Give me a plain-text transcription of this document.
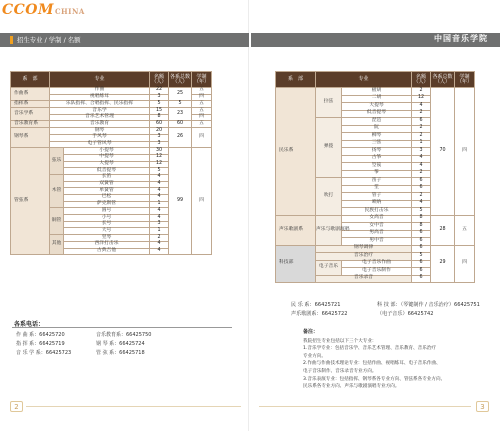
CCOMCHINA
招生专业 / 学制 / 名额
系　部	专业		名额（人）	各系总数（人）	学制（年）
作曲系	作曲		22	25	五
	视唱练耳		3		四
指挥系	乐队指挥、合唱指挥、民乐指挥		5	5	五
音乐学系	音乐学		15	23	五
	音乐艺术管理		8		四
音乐教育系	音乐教育		60	60	五
钢琴系	钢琴		20	26	四
	手风琴		3		
	电子管风琴		3		
管弦系	弦乐	小提琴	30	99	四
		中提琴	12		
		大提琴	12		
		低音提琴	5		
	木管	长笛	4		
		双簧管	4		
		单簧管	4		
		巴松	4		
		萨克斯管	1		
	铜管	圆号	4		
		小号	4		
		长号	3		
		大号	1		
	其他	竖琴	2		
		西洋打击乐	4		
		古典吉他	4		
各系电话：
作 曲 系：66425720	音乐教育系：66425750
指 挥 系：66425719	钢 琴 系：66425724
音 乐 学 系：66425723	管 弦 系：66425718
2
中国音乐学院
系　部	专业		名额（人）	各系总数（人）	学制（年）
民乐系	拉弦	板胡	2	70	四
		二胡	12		
		大提琴	4		
		低音提琴	2		
	弹拨	琵琶	6		
		阮	2		
		柳琴	2		
		三弦	1		
		扬琴	3		
		古筝	4		
		箜篌	4		
		筝	2		
	吹打	笛子	6		
		笙	6		
		管子	2		
		唢呐	4		
		民族打击乐	5		
声乐歌剧系	声乐与歌剧演唱	女高音	8	28	五
		女中音	8		
		男高音	6		
		男中音	6		
科技部	钢琴调律		6	29	四
	音乐治疗		5		
	电子音乐	电子音乐作曲	6		
		电子音乐制作	6		
	音乐录音		6		
民 乐 系：66425721	科 技 部：（琴键制作 / 音乐治疗）66425751
声乐歌剧系：66425722	（电子音乐）66425742
备注：
我院招生专业包括以下三个大专业：
1.音乐学专业：包括音乐学、音乐艺术管理、音乐教育、音乐治疗
专业方向。
2.作曲与作曲技术理论专业：包括作曲、视唱练耳、电子音乐作曲、
电子音乐制作、音乐录音专业方向。
3.音乐表演专业：包括指挥、钢琴系各专业方向、管弦系各专业方向、
民乐系各专业方向、声乐与歌剧演唱专业方向。
3
